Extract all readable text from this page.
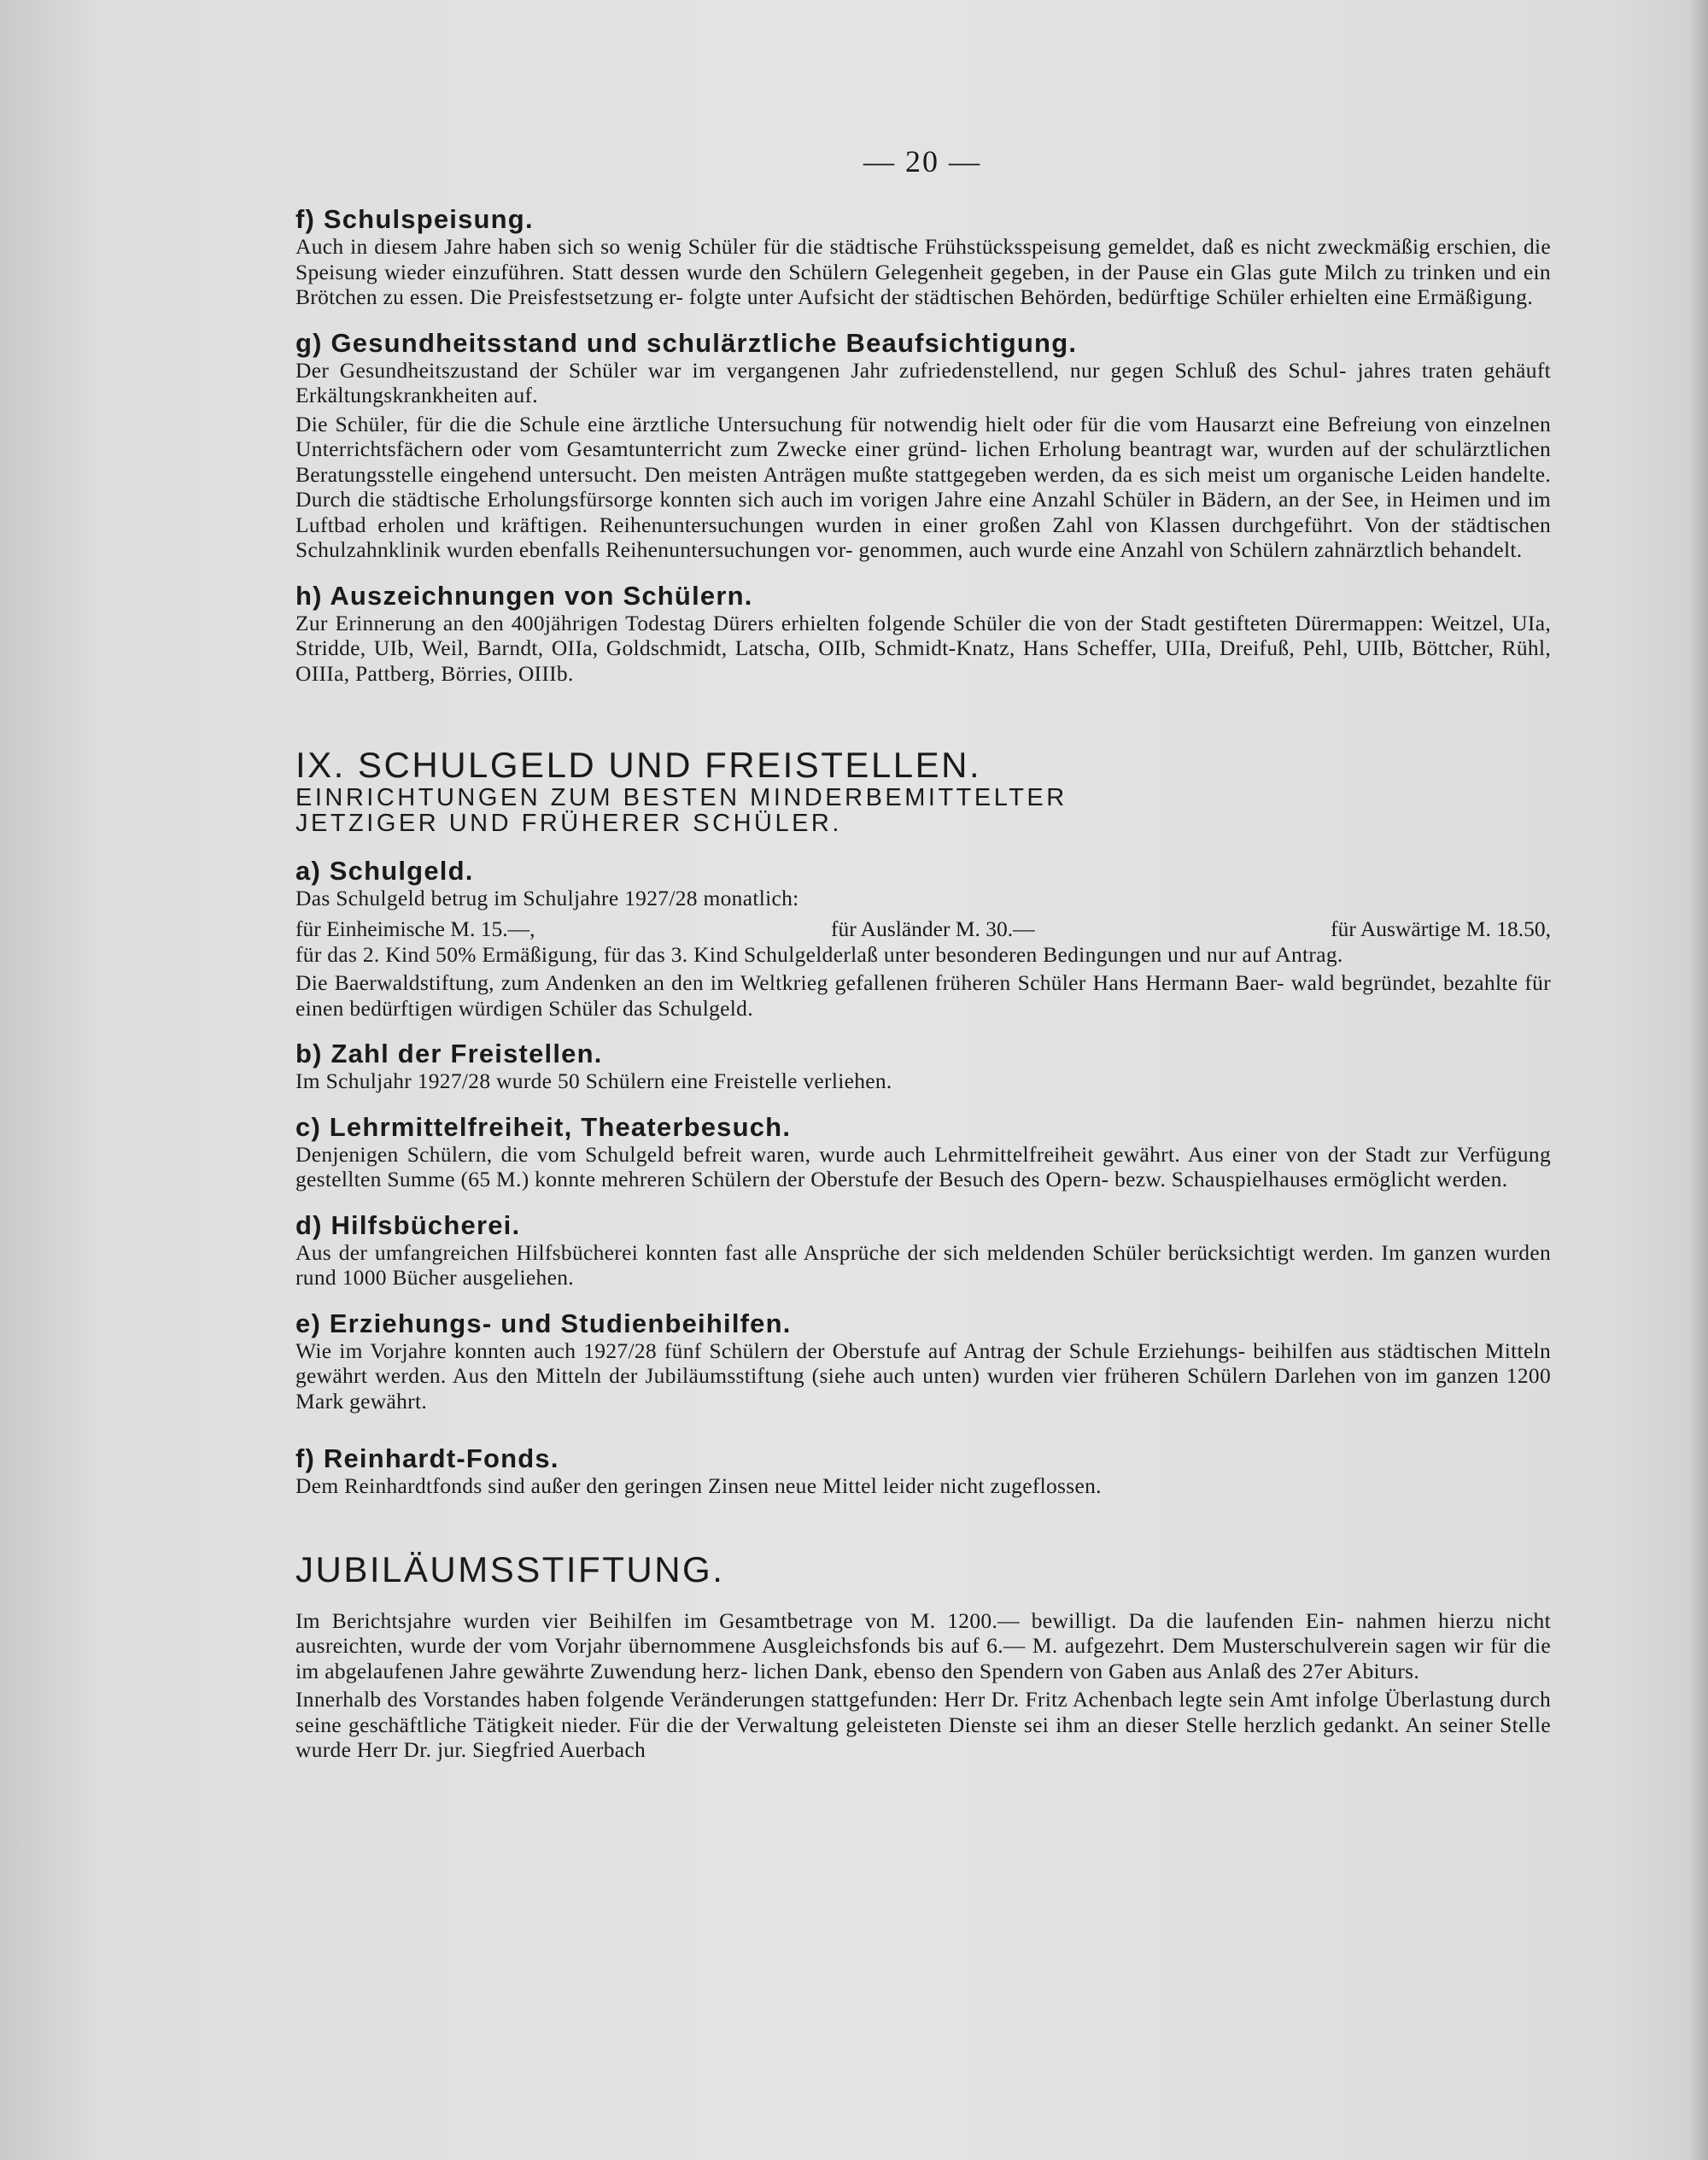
— 20 —
f) Schulspeisung.

Auch in diesem Jahre haben sich so wenig Schüler für die städtische Frühstücksspeisung gemeldet, daß es nicht zweckmäßig erschien, die Speisung wieder einzuführen. Statt dessen wurde den Schülern Gelegenheit gegeben, in der Pause ein Glas gute Milch zu trinken und ein Brötchen zu essen. Die Preisfestsetzung er- folgte unter Aufsicht der städtischen Behörden, bedürftige Schüler erhielten eine Ermäßigung.

g) Gesundheitsstand und schulärztliche Beaufsichtigung.

Der Gesundheitszustand der Schüler war im vergangenen Jahr zufriedenstellend, nur gegen Schluß des Schul- jahres traten gehäuft Erkältungskrankheiten auf.

Die Schüler, für die die Schule eine ärztliche Untersuchung für notwendig hielt oder für die vom Hausarzt eine Befreiung von einzelnen Unterrichtsfächern oder vom Gesamtunterricht zum Zwecke einer gründ- lichen Erholung beantragt war, wurden auf der schulärztlichen Beratungsstelle eingehend untersucht. Den meisten Anträgen mußte stattgegeben werden, da es sich meist um organische Leiden handelte. Durch die städtische Erholungsfürsorge konnten sich auch im vorigen Jahre eine Anzahl Schüler in Bädern, an der See, in Heimen und im Luftbad erholen und kräftigen. Reihenuntersuchungen wurden in einer großen Zahl von Klassen durchgeführt. Von der städtischen Schulzahnklinik wurden ebenfalls Reihenuntersuchungen vor- genommen, auch wurde eine Anzahl von Schülern zahnärztlich behandelt.

h) Auszeichnungen von Schülern.

Zur Erinnerung an den 400jährigen Todestag Dürers erhielten folgende Schüler die von der Stadt gestifteten Dürermappen: Weitzel, UIa, Stridde, UIb, Weil, Barndt, OIIa, Goldschmidt, Latscha, OIIb, Schmidt-Knatz, Hans Scheffer, UIIa, Dreifuß, Pehl, UIIb, Böttcher, Rühl, OIIIa, Pattberg, Börries, OIIIb.

IX. SCHULGELD UND FREISTELLEN.
EINRICHTUNGEN ZUM BESTEN MINDERBEMITTELTER
JETZIGER UND FRÜHERER SCHÜLER.
a) Schulgeld.

Das Schulgeld betrug im Schuljahre 1927/28 monatlich:

für Einheimische M. 15.—,	für Ausländer M. 30.—	für Auswärtige M. 18.50,

für das 2. Kind 50% Ermäßigung, für das 3. Kind Schulgelderlaß unter besonderen Bedingungen und nur auf Antrag.

Die Baerwaldstiftung, zum Andenken an den im Weltkrieg gefallenen früheren Schüler Hans Hermann Baer- wald begründet, bezahlte für einen bedürftigen würdigen Schüler das Schulgeld.

b) Zahl der Freistellen.

Im Schuljahr 1927/28 wurde 50 Schülern eine Freistelle verliehen.

c) Lehrmittelfreiheit, Theaterbesuch.

Denjenigen Schülern, die vom Schulgeld befreit waren, wurde auch Lehrmittelfreiheit gewährt. Aus einer von der Stadt zur Verfügung gestellten Summe (65 M.) konnte mehreren Schülern der Oberstufe der Besuch des Opern- bezw. Schauspielhauses ermöglicht werden.

d) Hilfsbücherei.

Aus der umfangreichen Hilfsbücherei konnten fast alle Ansprüche der sich meldenden Schüler berücksichtigt werden. Im ganzen wurden rund 1000 Bücher ausgeliehen.

e) Erziehungs- und Studienbeihilfen.

Wie im Vorjahre konnten auch 1927/28 fünf Schülern der Oberstufe auf Antrag der Schule Erziehungs- beihilfen aus städtischen Mitteln gewährt werden. Aus den Mitteln der Jubiläumsstiftung (siehe auch unten) wurden vier früheren Schülern Darlehen von im ganzen 1200 Mark gewährt.

f) Reinhardt-Fonds.

Dem Reinhardtfonds sind außer den geringen Zinsen neue Mittel leider nicht zugeflossen.

JUBILÄUMSSTIFTUNG.

Im Berichtsjahre wurden vier Beihilfen im Gesamtbetrage von M. 1200.— bewilligt. Da die laufenden Ein- nahmen hierzu nicht ausreichten, wurde der vom Vorjahr übernommene Ausgleichsfonds bis auf 6.— M. aufgezehrt. Dem Musterschulverein sagen wir für die im abgelaufenen Jahre gewährte Zuwendung herz- lichen Dank, ebenso den Spendern von Gaben aus Anlaß des 27er Abiturs.

Innerhalb des Vorstandes haben folgende Veränderungen stattgefunden: Herr Dr. Fritz Achenbach legte sein Amt infolge Überlastung durch seine geschäftliche Tätigkeit nieder. Für die der Verwaltung geleisteten Dienste sei ihm an dieser Stelle herzlich gedankt. An seiner Stelle wurde Herr Dr. jur. Siegfried Auerbach
